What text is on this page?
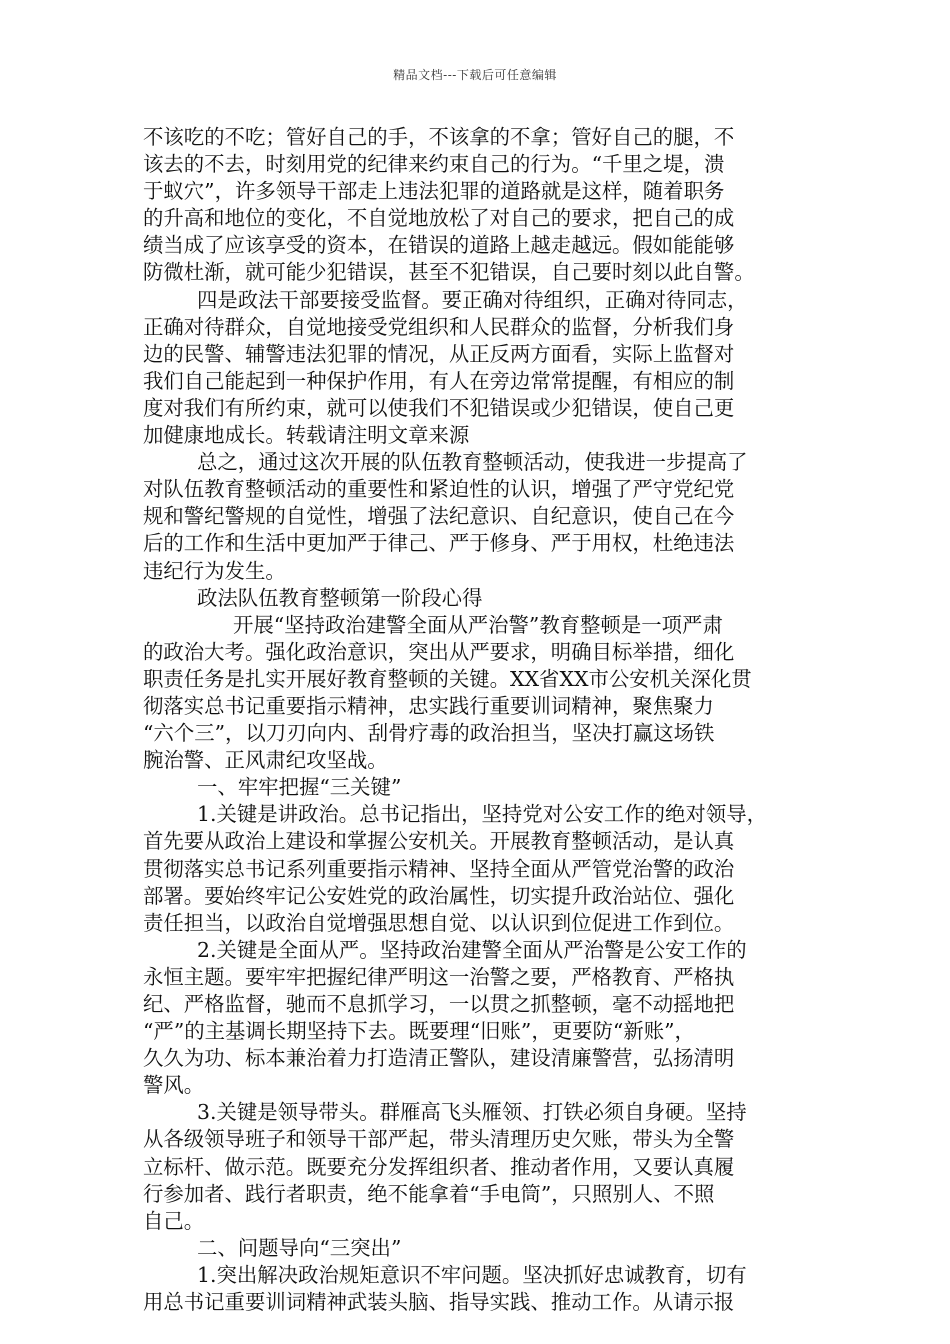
精品文档---下载后可任意编辑
不该吃的不吃；管好自己的手，不该拿的不拿；管好自己的腿，不
该去的不去，时刻用党的纪律来约束自己的行为。“千里之堤，溃
于蚁穴”，许多领导干部走上违法犯罪的道路就是这样，随着职务
的升高和地位的变化，不自觉地放松了对自己的要求，把自己的成
绩当成了应该享受的资本，在错误的道路上越走越远。假如能能够
防微杜渐，就可能少犯错误，甚至不犯错误，自己要时刻以此自警。
四是政法干部要接受监督。要正确对待组织，正确对待同志，
正确对待群众，自觉地接受党组织和人民群众的监督，分析我们身
边的民警、辅警违法犯罪的情况，从正反两方面看，实际上监督对
我们自己能起到一种保护作用，有人在旁边常常提醒，有相应的制
度对我们有所约束，就可以使我们不犯错误或少犯错误，使自己更
加健康地成长。转载请注明文章来源
总之，通过这次开展的队伍教育整顿活动，使我进一步提高了
对队伍教育整顿活动的重要性和紧迫性的认识，增强了严守党纪党
规和警纪警规的自觉性，增强了法纪意识、自纪意识，使自己在今
后的工作和生活中更加严于律己、严于修身、严于用权，杜绝违法
违纪行为发生。
政法队伍教育整顿第一阶段心得
开展“坚持政治建警全面从严治警”教育整顿是一项严肃
的政治大考。强化政治意识，突出从严要求，明确目标举措，细化
职责任务是扎实开展好教育整顿的关键。XX省XX市公安机关深化贯
彻落实总书记重要指示精神，忠实践行重要训词精神，聚焦聚力
“六个三”，以刀刃向内、刮骨疗毒的政治担当，坚决打赢这场铁
腕治警、正风肃纪攻坚战。
一、牢牢把握“三关键”
1.关键是讲政治。总书记指出，坚持党对公安工作的绝对领导，
首先要从政治上建设和掌握公安机关。开展教育整顿活动，是认真
贯彻落实总书记系列重要指示精神、坚持全面从严管党治警的政治
部署。要始终牢记公安姓党的政治属性，切实提升政治站位、强化
责任担当，以政治自觉增强思想自觉、以认识到位促进工作到位。
2.关键是全面从严。坚持政治建警全面从严治警是公安工作的
永恒主题。要牢牢把握纪律严明这一治警之要，严格教育、严格执
纪、严格监督，驰而不息抓学习，一以贯之抓整顿，毫不动摇地把
“严”的主基调长期坚持下去。既要理“旧账”，更要防“新账”，
久久为功、标本兼治着力打造清正警队，建设清廉警营，弘扬清明
警风。
3.关键是领导带头。群雁高飞头雁领、打铁必须自身硬。坚持
从各级领导班子和领导干部严起，带头清理历史欠账，带头为全警
立标杆、做示范。既要充分发挥组织者、推动者作用，又要认真履
行参加者、践行者职责，绝不能拿着“手电筒”，只照别人、不照
自己。
二、问题导向“三突出”
1.突出解决政治规矩意识不牢问题。坚决抓好忠诚教育，切有
用总书记重要训词精神武装头脑、指导实践、推动工作。从请示报
